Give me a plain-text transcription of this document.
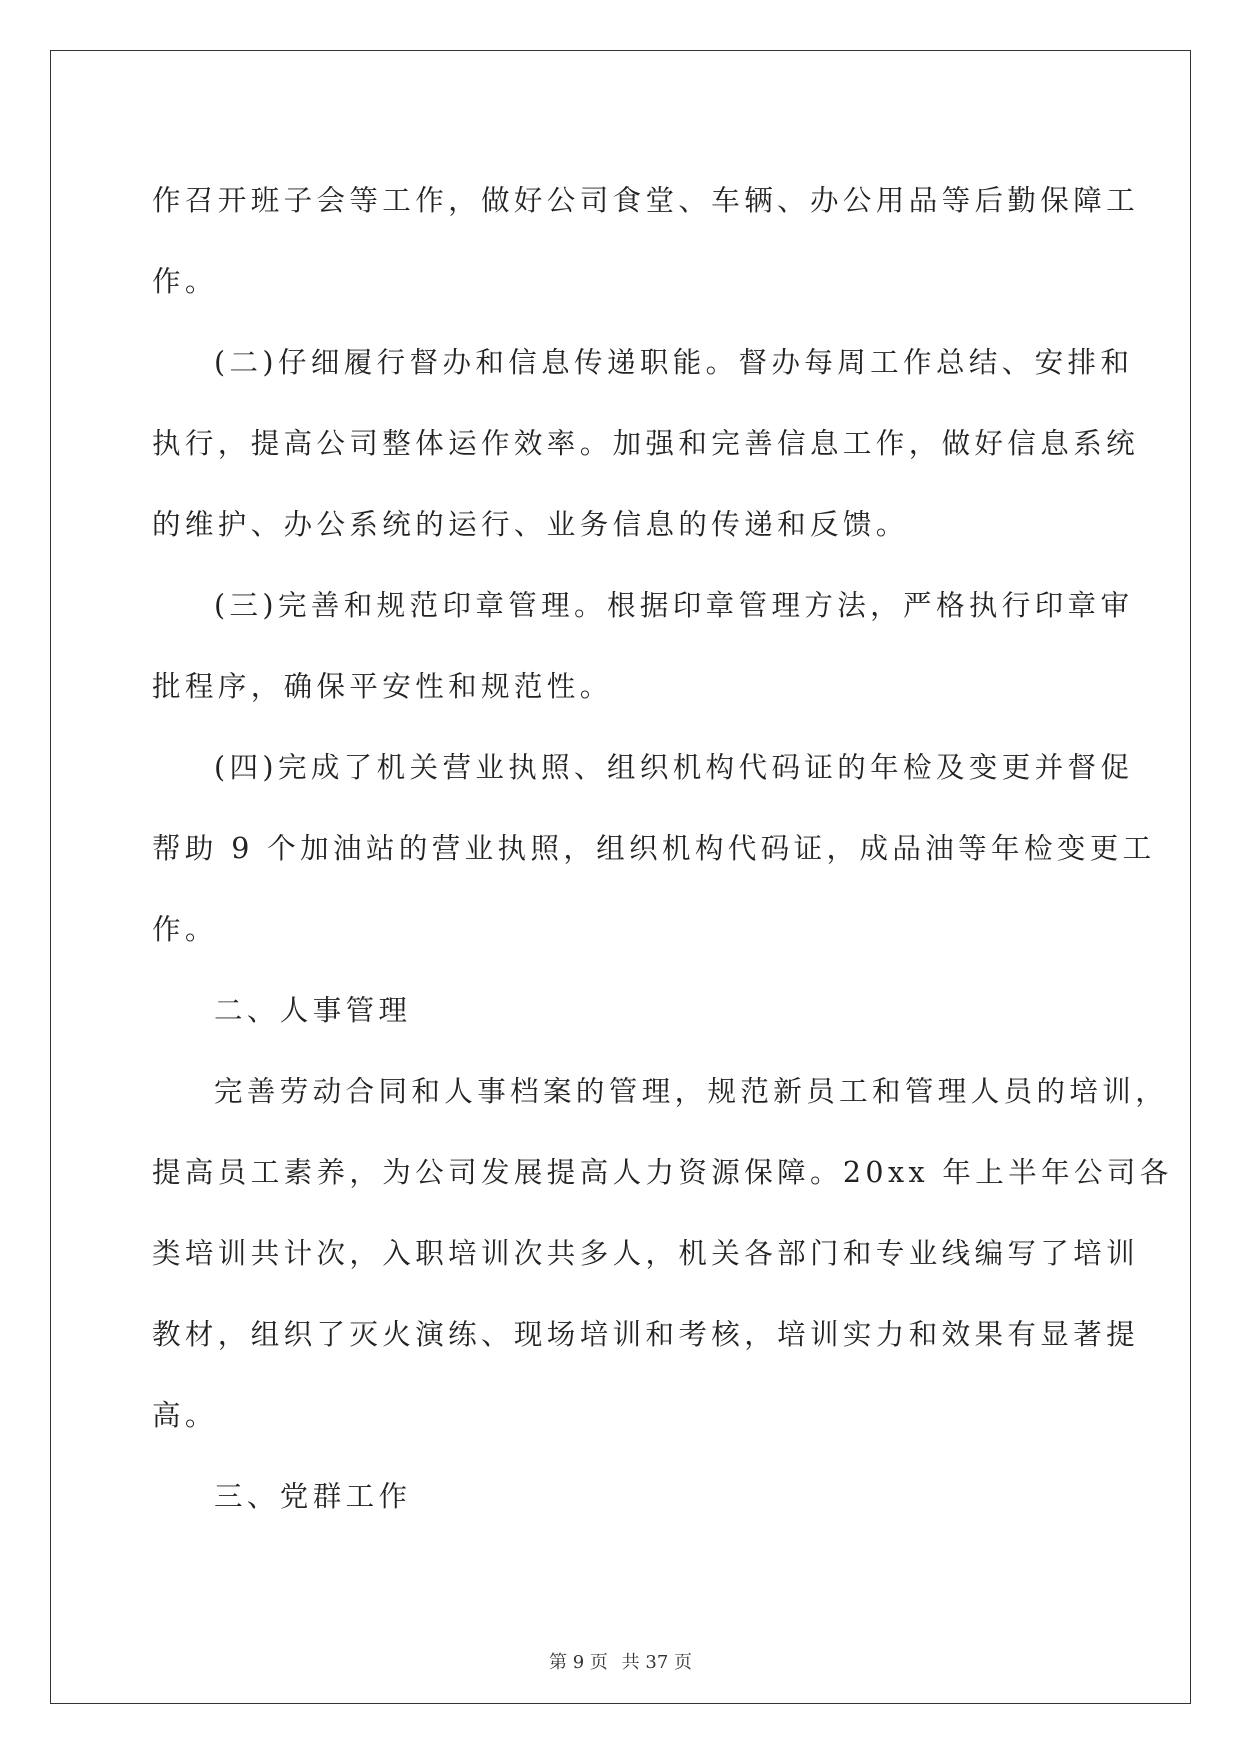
作召开班子会等工作，做好公司食堂、车辆、办公用品等后勤保障工
作。
(二)仔细履行督办和信息传递职能。督办每周工作总结、安排和
执行，提高公司整体运作效率。加强和完善信息工作，做好信息系统
的维护、办公系统的运行、业务信息的传递和反馈。
(三)完善和规范印章管理。根据印章管理方法，严格执行印章审
批程序，确保平安性和规范性。
(四)完成了机关营业执照、组织机构代码证的年检及变更并督促
帮助 9 个加油站的营业执照，组织机构代码证，成品油等年检变更工
作。
二、人事管理
完善劳动合同和人事档案的管理，规范新员工和管理人员的培训，
提高员工素养，为公司发展提高人力资源保障。20xx 年上半年公司各
类培训共计次，入职培训次共多人，机关各部门和专业线编写了培训
教材，组织了灭火演练、现场培训和考核，培训实力和效果有显著提
高。
三、党群工作
第 9 页 共 37 页
